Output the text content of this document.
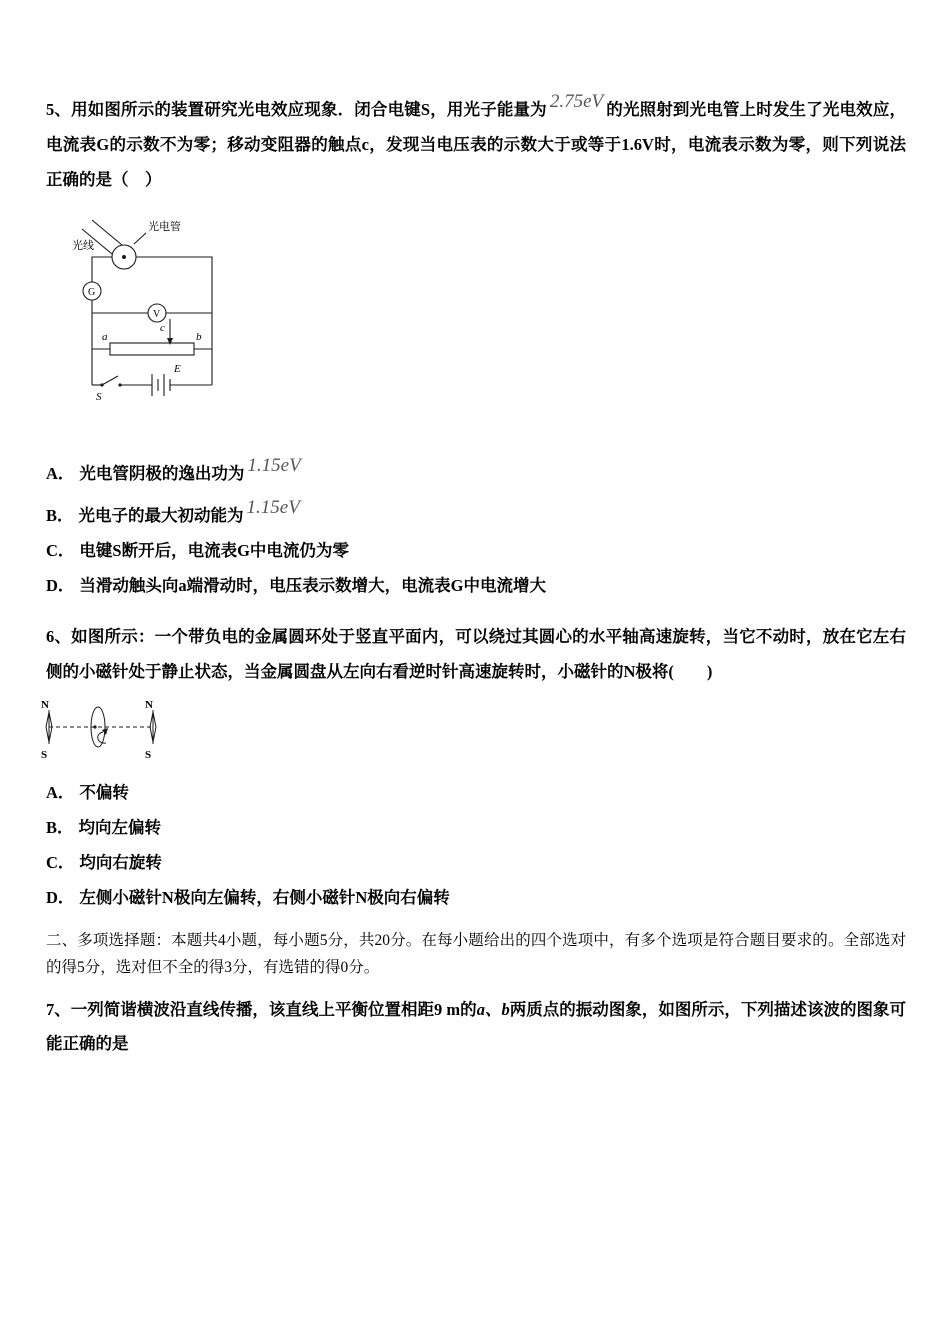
5、用如图所示的装置研究光电效应现象．闭合电键S，用光子能量为 2.75eV 的光照射到光电管上时发生了光电效应，电流表G的示数不为零；移动变阻器的触点c，发现当电压表的示数大于或等于1.6V时，电流表示数为零，则下列说法正确的是（　）

光线
光电管
G
V
a	b
c
E
S

A． 光电管阴极的逸出功为 1.15eV

B． 光电子的最大初动能为 1.15eV

C． 电键S断开后，电流表G中电流仍为零

D． 当滑动触头向a端滑动时，电压表示数增大，电流表G中电流增大

6、如图所示：一个带负电的金属圆环处于竖直平面内，可以绕过其圆心的水平轴高速旋转，当它不动时，放在它左右侧的小磁针处于静止状态，当金属圆盘从左向右看逆时针高速旋转时，小磁针的N极将(　　)

N
S
N
S

A． 不偏转

B． 均向左偏转

C． 均向右旋转

D． 左侧小磁针N极向左偏转，右侧小磁针N极向右偏转

二、多项选择题：本题共4小题，每小题5分，共20分。在每小题给出的四个选项中，有多个选项是符合题目要求的。全部选对的得5分，选对但不全的得3分，有选错的得0分。

7、一列简谐横波沿直线传播，该直线上平衡位置相距9 m的a、b两质点的振动图象，如图所示，下列描述该波的图象可能正确的是
